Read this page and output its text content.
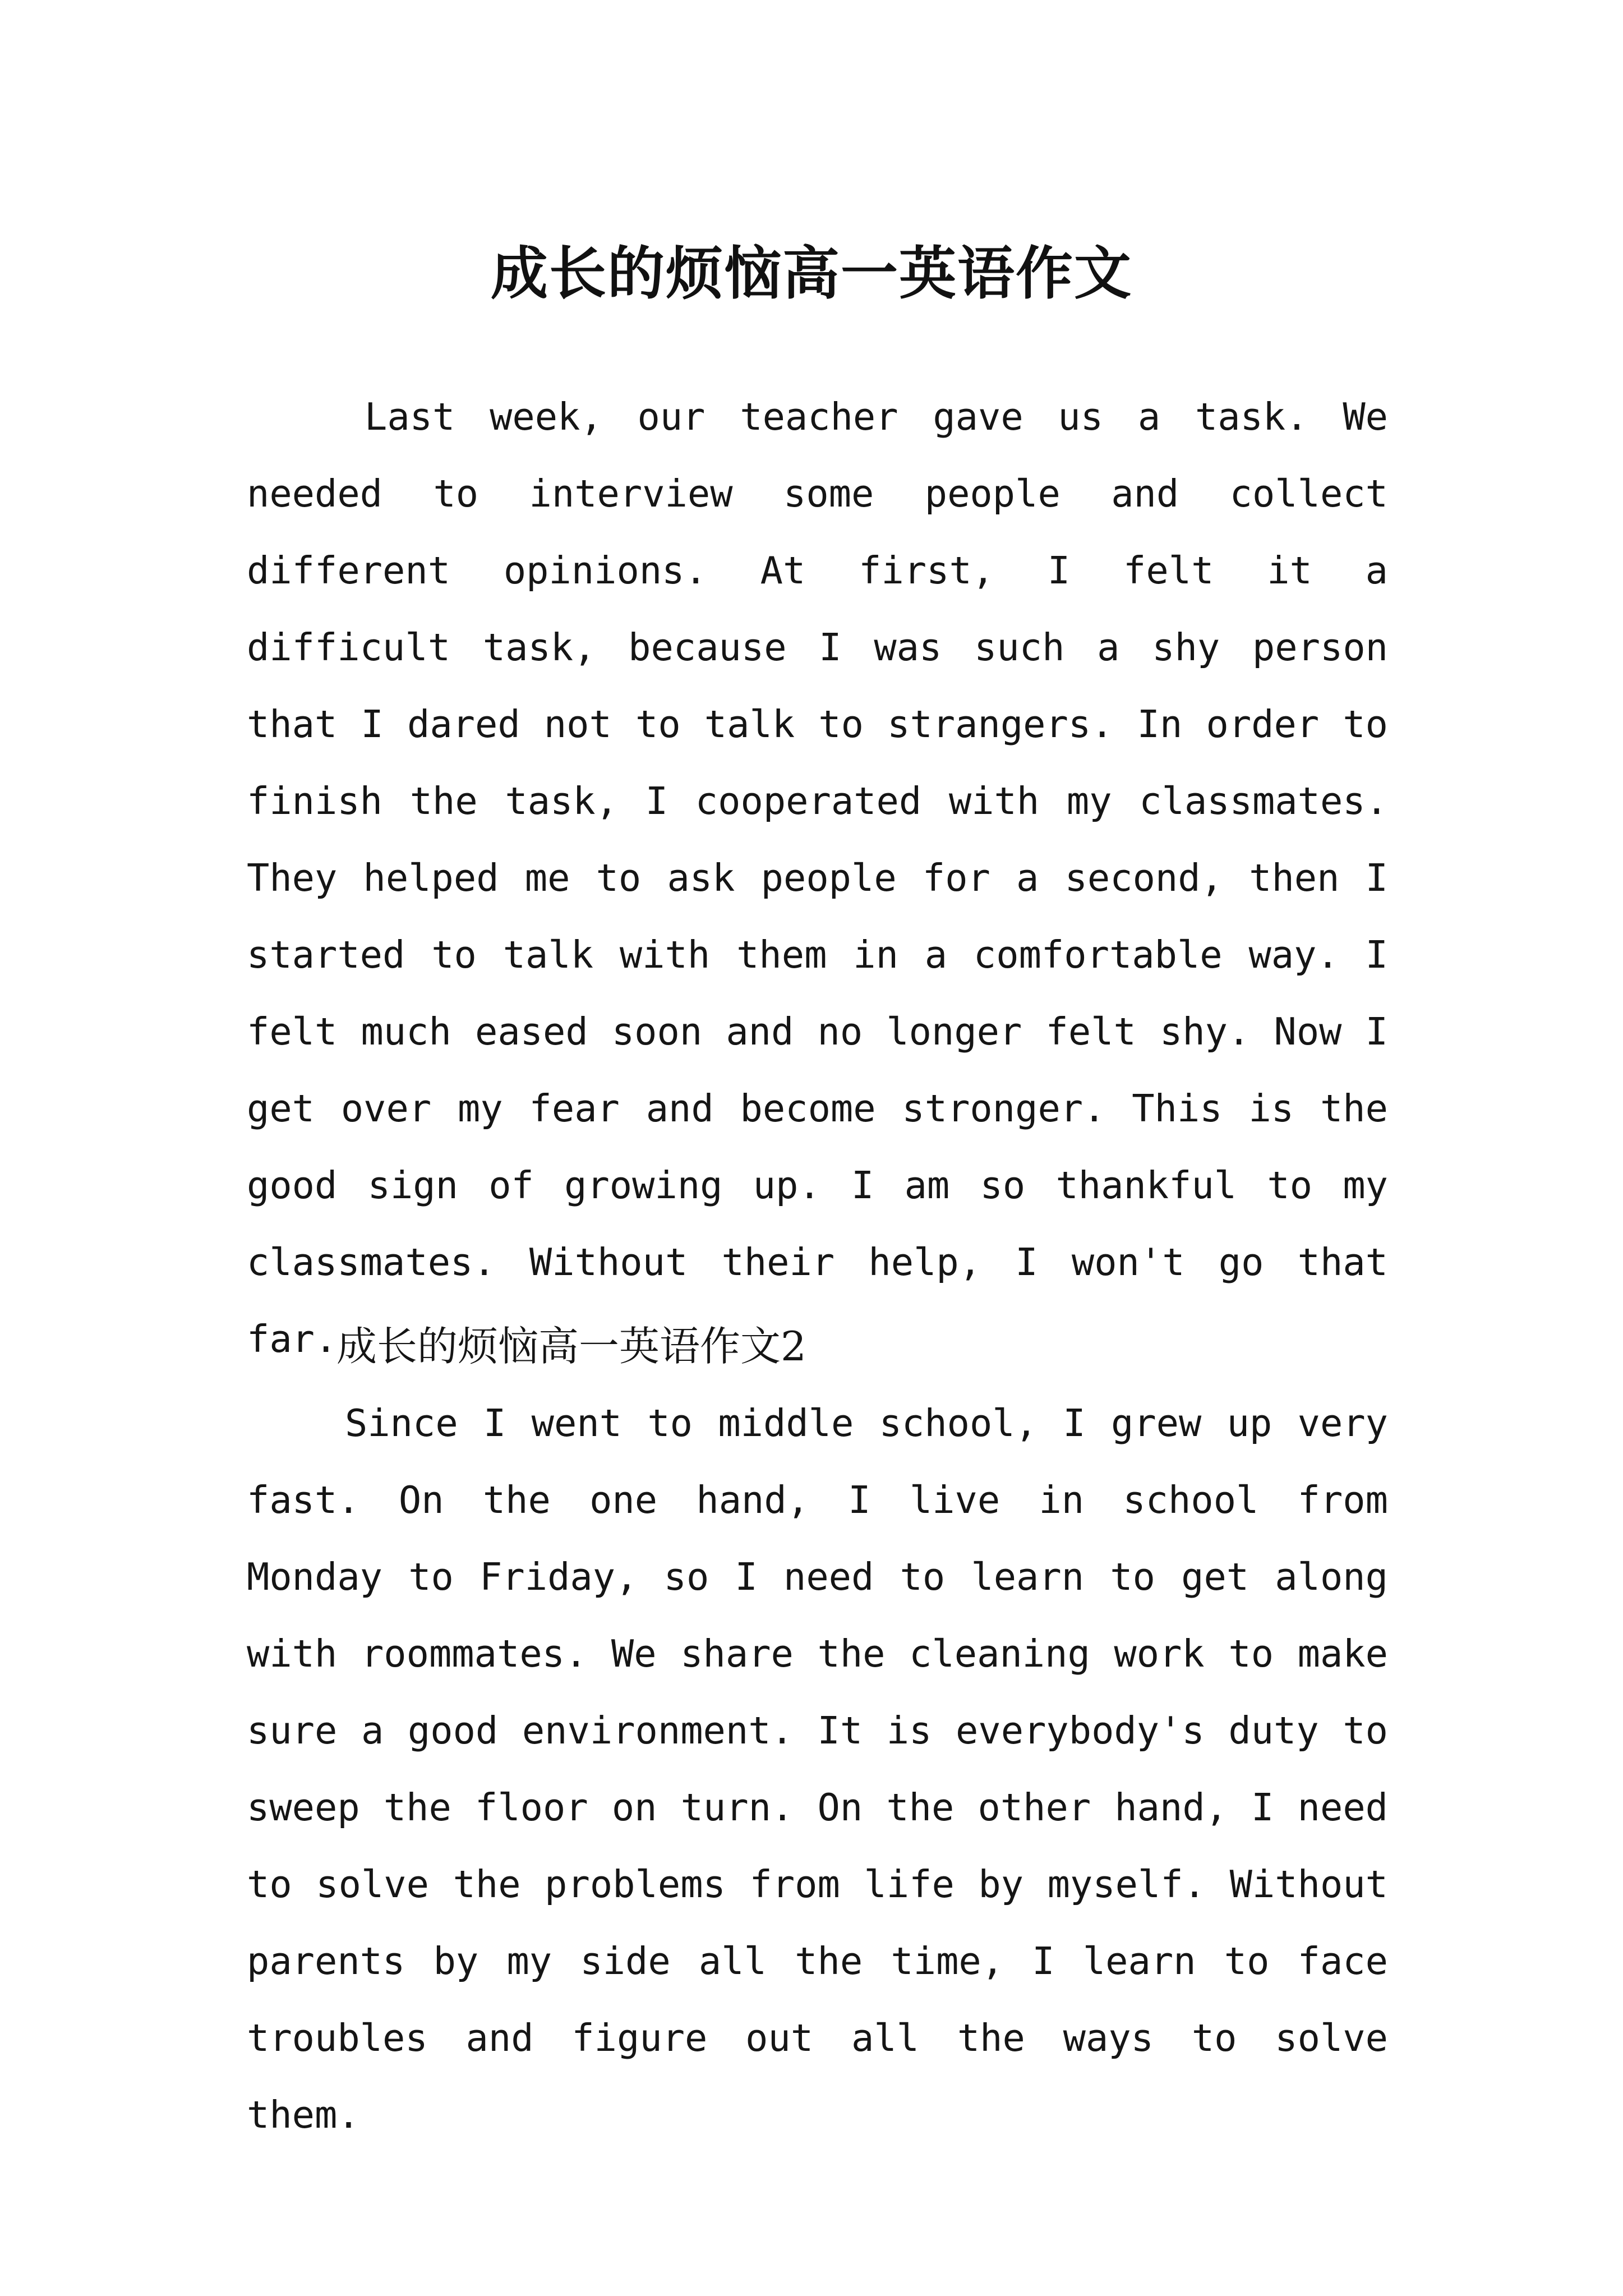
成长的烦恼高一英语作文

Last week, our teacher gave us a task. We needed to interview some people and collect different opinions. At first, I felt it a difficult task, because I was such a shy person that I dared not to talk to strangers. In order to finish the task, I cooperated with my classmates. They helped me to ask people for a second, then I started to talk with them in a comfortable way. I felt much eased soon and no longer felt shy. Now I get over my fear and become stronger. This is the good sign of growing up. I am so thankful to my classmates. Without their help, I won't go that far.

成长的烦恼高一英语作文2

Since I went to middle school, I grew up very fast. On the one hand, I live in school from Monday to Friday, so I need to learn to get along with roommates. We share the cleaning work to make sure a good environment. It is everybody's duty to sweep the floor on turn. On the other hand, I need to solve the problems from life by myself. Without parents by my side all the time, I learn to face troubles and figure out all the ways to solve them.
